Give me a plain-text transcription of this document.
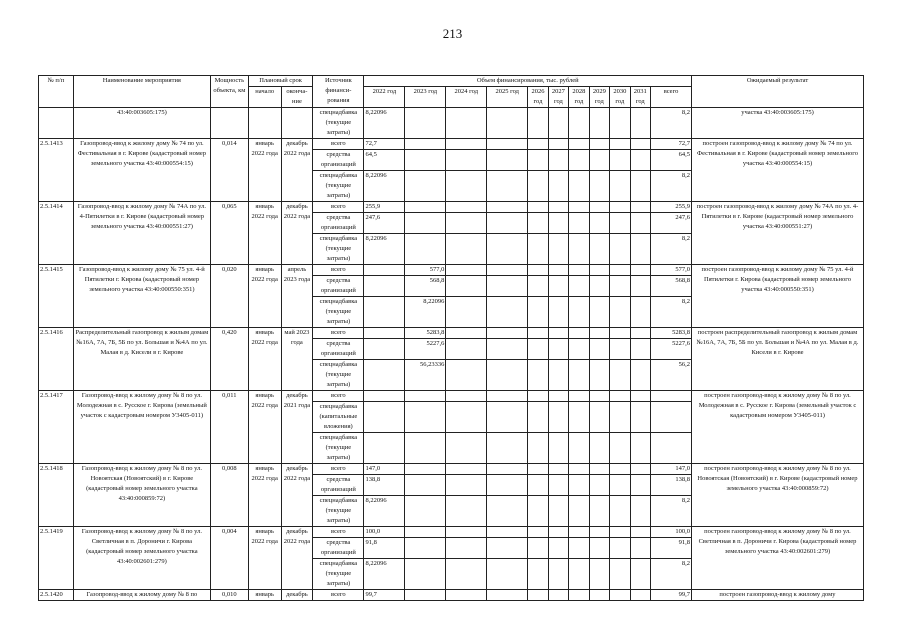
213
№ п/п	Наименование мероприятия	Мощность объекта, км	Плановый срок		Источник финанси-рования	Объем финансирования, тыс. рублей											Ожидаемый результат
			начало	оконча-ние		2022 год	2023 год	2024 год	2025 год	2026 год	2027 год	2028 год	2029 год	2030 год	2031 год	всего	

	43:40:003605:175)				спецнадбавка (текущие затраты)	8,22096										8,2	участка 43:40:003605:175)
2.5.1413	Газопровод-ввод к жилому дому № 74 по ул. Фестивальная в г. Кирове (кадастровый номер земельного участка 43:40:000554:15)	0,014	январь 2022 года	декабрь 2022 года	всего	72,7										72,7	построен газопровод-ввод к жилому дому № 74 по ул. Фестивальная в г. Кирове (кадастровый номер земельного участка 43:40:000554:15)
					средства организаций	64,5										64,5	
					спецнадбавка (текущие затраты)	8,22096										8,2	
2.5.1414	Газопровод-ввод к жилому дому № 74А по ул. 4-Пятилетки в г. Кирове (кадастровый номер земельного участка 43:40:000551:27)	0,065	январь 2022 года	декабрь 2022 года	всего	255,9										255,9	построен газопровод-ввод к жилому дому № 74А по ул. 4-Пятилетки в г. Кирове (кадастровый номер земельного участка 43:40:000551:27)
					средства организаций	247,6										247,6	
					спецнадбавка (текущие затраты)	8,22096										8,2	
2.5.1415	Газопровод-ввод к жилому дому № 75 ул. 4-й Пятилетки г. Кирова (кадастровый номер земельного участка 43:40:000550:351)	0,020	январь 2022 года	апрель 2023 года	всего		577,0									577,0	построен газопровод-ввод к жилому дому № 75 ул. 4-й Пятилетки г. Кирова (кадастровый номер земельного участка 43:40:000550:351)
					средства организаций		568,8									568,8	
					спецнадбавка (текущие затраты)		8,22096									8,2	
2.5.1416	Распределительный газопровод к жилым домам №16А, 7А, 7Б, 5Б по ул. Большая и №4А по ул. Малая в д. Кисели в г. Кирове	0,420	январь 2022 года	май 2023 года	всего		5283,8									5283,8	построен распределительный газопровод к жилым домам №16А, 7А, 7Б, 5Б по ул. Большая и №4А по ул. Малая в д. Кисели в г. Кирове
					средства организаций		5227,6									5227,6	
					спецнадбавка (текущие затраты)		56,23336									56,2	
2.5.1417	Газопровод-ввод к жилому дому № 8 по ул. Молодежная в с. Русское г. Кирова (земельный участок с кадастровым номером У3405-011)	0,011	январь 2022 года	декабрь 2021 года	всего												построен газопровод-ввод к жилому дому № 8 по ул. Молодежная в с. Русское г. Кирова (земельный участок с кадастровым номером У3405-011)
					спецнадбавка (капитальные вложения)												
					спецнадбавка (текущие затраты)												
2.5.1418	Газопровод-ввод к жилому дому № 8 по ул. Новоятская (Новоятский) в г. Кирове (кадастровый номер земельного участка 43:40:000859:72)	0,008	январь 2022 года	декабрь 2022 года	всего	147,0										147,0	построен газопровод-ввод к жилому дому № 8 по ул. Новоятская (Новоятский) в г. Кирове (кадастровый номер земельного участка 43:40:000859:72)
					средства организаций	138,8										138,8	
					спецнадбавка (текущие затраты)	8,22096										8,2	
2.5.1419	Газопровод-ввод к жилому дому № 8 по ул. Светличная в п. Дороничи г. Кирова (кадастровый номер земельного участка 43:40:002601:279)	0,004	январь 2022 года	декабрь 2022 года	всего	100,0										100,0	построен газопровод-ввод к жилому дому № 8 по ул. Светличная в п. Дороничи г. Кирова (кадастровый номер земельного участка 43:40:002601:279)
					средства организаций	91,8										91,8	
					спецнадбавка (текущие затраты)	8,22096										8,2	
2.5.1420	Газопровод-ввод к жилому дому № 8 по	0,010	январь	декабрь	всего	99,7										99,7	построен газопровод-ввод к жилому дому
